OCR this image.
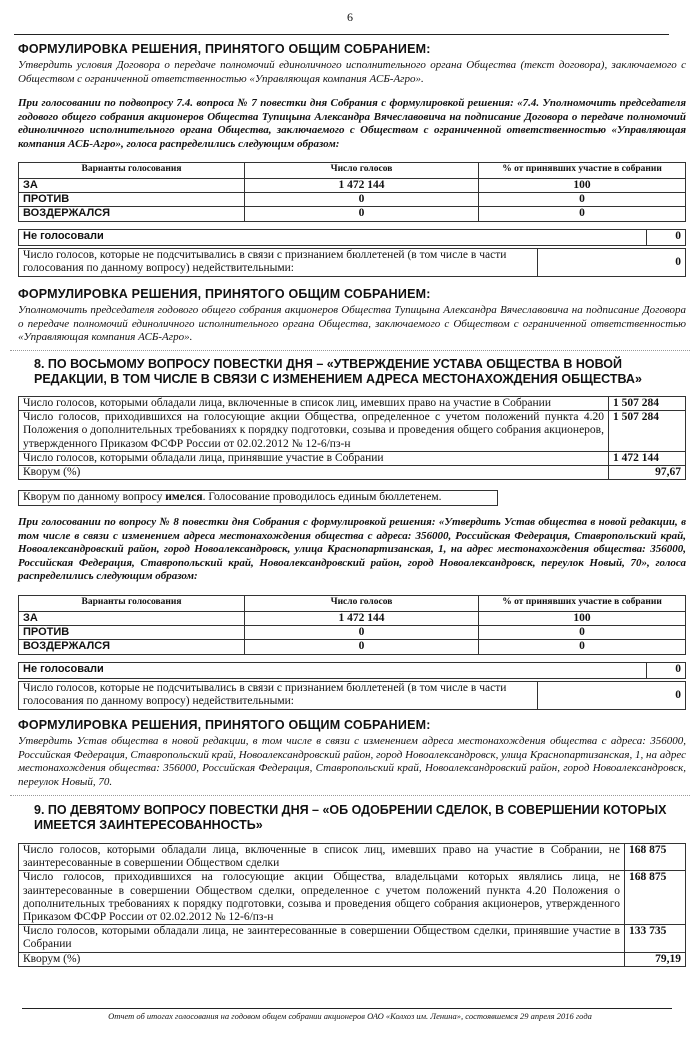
6
ФОРМУЛИРОВКА РЕШЕНИЯ, ПРИНЯТОГО ОБЩИМ СОБРАНИЕМ:
Утвердить условия Договора о передаче полномочий единоличного исполнительного органа Общества (текст договора), заключаемого с Обществом с ограниченной ответственностью «Управляющая компания АСБ-Агро».
При голосовании по подвопросу 7.4. вопроса № 7 повестки дня Собрания с формулировкой решения: «7.4. Уполномочить председателя годового общего собрания акционеров Общества Тупицына Александра Вячеславовича на подписание Договора о передаче полномочий единоличного исполнительного органа Общества, заключаемого с Обществом с ограниченной ответственностью «Управляющая компания АСБ-Агро», голоса распределились следующим образом:
Варианты голосования	Число голосов	% от принявших участие в собрании
ЗА	1 472 144	100
ПРОТИВ	0	0
ВОЗДЕРЖАЛСЯ	0	0
Не голосовали	0
Число голосов, которые не подсчитывались в связи с признанием бюллетеней (в том числе в части голосования по данному вопросу) недействительными:	0
ФОРМУЛИРОВКА РЕШЕНИЯ, ПРИНЯТОГО ОБЩИМ СОБРАНИЕМ:
Уполномочить председателя годового общего собрания акционеров Общества Тупицына Александра Вячеславовича на подписание Договора о передаче полномочий единоличного исполнительного органа Общества, заключаемого с Обществом с ограниченной ответственностью «Управляющая компания АСБ-Агро».
8. ПО ВОСЬМОМУ ВОПРОСУ ПОВЕСТКИ ДНЯ – «УТВЕРЖДЕНИЕ УСТАВА ОБЩЕСТВА В НОВОЙ РЕДАКЦИИ, В ТОМ ЧИСЛЕ В СВЯЗИ С ИЗМЕНЕНИЕМ АДРЕСА МЕСТОНАХОЖДЕНИЯ ОБЩЕСТВА»
Число голосов, которыми обладали лица, включенные в список лиц, имевших право на участие в Собрании	1 507 284
Число голосов, приходившихся на голосующие акции Общества, определенное с учетом положений пункта 4.20 Положения о дополнительных требованиях к порядку подготовки, созыва и проведения общего собрания акционеров, утвержденного Приказом ФСФР России от 02.02.2012 № 12-6/пз-н	1 507 284
Число голосов, которыми обладали лица, принявшие участие в Собрании	1 472 144
Кворум (%)	97,67
Кворум по данному вопросу имелся. Голосование проводилось единым бюллетенем.
При голосовании по вопросу № 8 повестки дня Собрания с формулировкой решения: «Утвердить Устав общества в новой редакции, в том числе в связи с изменением адреса местонахождения общества с адреса: 356000, Российская Федерация, Ставропольский край, Новоалександровский район, город Новоалександровск, улица Краснопартизанская, 1, на адрес местонахождения общества: 356000, Российская Федерация, Ставропольский край, Новоалександровский район, город Новоалександровск, переулок Новый, 70», голоса распределились следующим образом:
Варианты голосования	Число голосов	% от принявших участие в собрании
ЗА	1 472 144	100
ПРОТИВ	0	0
ВОЗДЕРЖАЛСЯ	0	0
Не голосовали	0
Число голосов, которые не подсчитывались в связи с признанием бюллетеней (в том числе в части голосования по данному вопросу) недействительными:	0
ФОРМУЛИРОВКА РЕШЕНИЯ, ПРИНЯТОГО ОБЩИМ СОБРАНИЕМ:
Утвердить Устав общества в новой редакции, в том числе в связи с изменением адреса местонахождения общества с адреса: 356000, Российская Федерация, Ставропольский край, Новоалександровский район, город Новоалександровск, улица Краснопартизанская, 1, на адрес местонахождения общества: 356000, Российская Федерация, Ставропольский край, Новоалександровский район, город Новоалександровск, переулок Новый, 70.
9. ПО ДЕВЯТОМУ ВОПРОСУ ПОВЕСТКИ ДНЯ – «ОБ ОДОБРЕНИИ СДЕЛОК, В СОВЕРШЕНИИ КОТОРЫХ ИМЕЕТСЯ ЗАИНТЕРЕСОВАННОСТЬ»
Число голосов, которыми обладали лица, включенные в список лиц, имевших право на участие в Собрании, не заинтересованные в совершении Обществом сделки	168 875
Число голосов, приходившихся на голосующие акции Общества, владельцами которых являлись лица, не заинтересованные в совершении Обществом сделки, определенное с учетом положений пункта 4.20 Положения о дополнительных требованиях к порядку подготовки, созыва и проведения общего собрания акционеров, утвержденного Приказом ФСФР России от 02.02.2012 № 12-6/пз-н	168 875
Число голосов, которыми обладали лица, не заинтересованные в совершении Обществом сделки, принявшие участие в Собрании	133 735
Кворум (%)	79,19
Отчет об итогах голосования на годовом общем собрании акционеров ОАО «Колхоз им. Ленина», состоявшемся 29 апреля 2016 года
